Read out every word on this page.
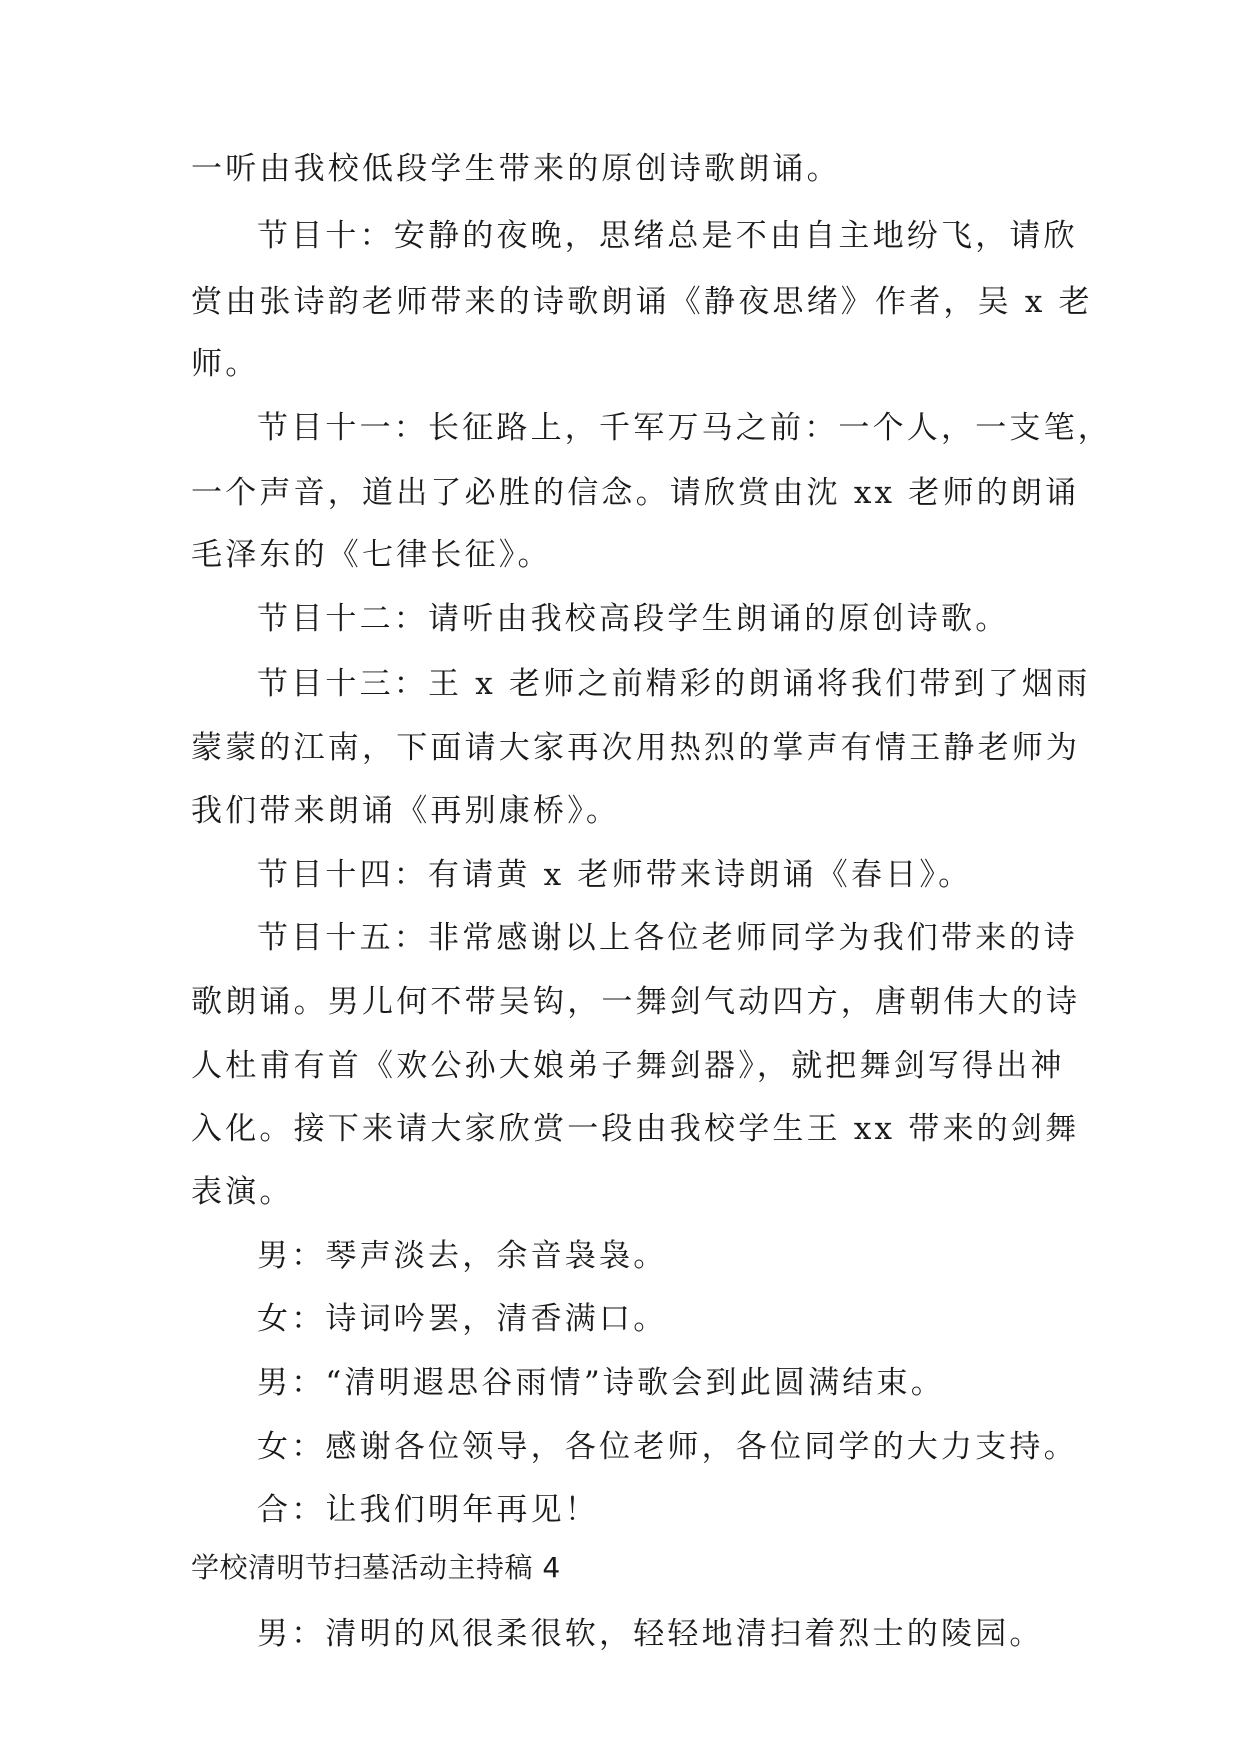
一听由我校低段学生带来的原创诗歌朗诵。
节目十：安静的夜晚，思绪总是不由自主地纷飞，请欣
赏由张诗韵老师带来的诗歌朗诵《静夜思绪》作者，吴 x 老
师。
节目十一：长征路上，千军万马之前：一个人，一支笔，
一个声音，道出了必胜的信念。请欣赏由沈 xx 老师的朗诵
毛泽东的《七律长征》。
节目十二：请听由我校高段学生朗诵的原创诗歌。
节目十三：王 x 老师之前精彩的朗诵将我们带到了烟雨
蒙蒙的江南，下面请大家再次用热烈的掌声有情王静老师为
我们带来朗诵《再别康桥》。
节目十四：有请黄 x 老师带来诗朗诵《春日》。
节目十五：非常感谢以上各位老师同学为我们带来的诗
歌朗诵。男儿何不带吴钩，一舞剑气动四方，唐朝伟大的诗
人杜甫有首《欢公孙大娘弟子舞剑器》，就把舞剑写得出神
入化。接下来请大家欣赏一段由我校学生王 xx 带来的剑舞
表演。
男：琴声淡去，余音袅袅。
女：诗词吟罢，清香满口。
男：“清明遐思谷雨情”诗歌会到此圆满结束。
女：感谢各位领导，各位老师，各位同学的大力支持。
合：让我们明年再见！
学校清明节扫墓活动主持稿 4
男：清明的风很柔很软，轻轻地清扫着烈士的陵园。
